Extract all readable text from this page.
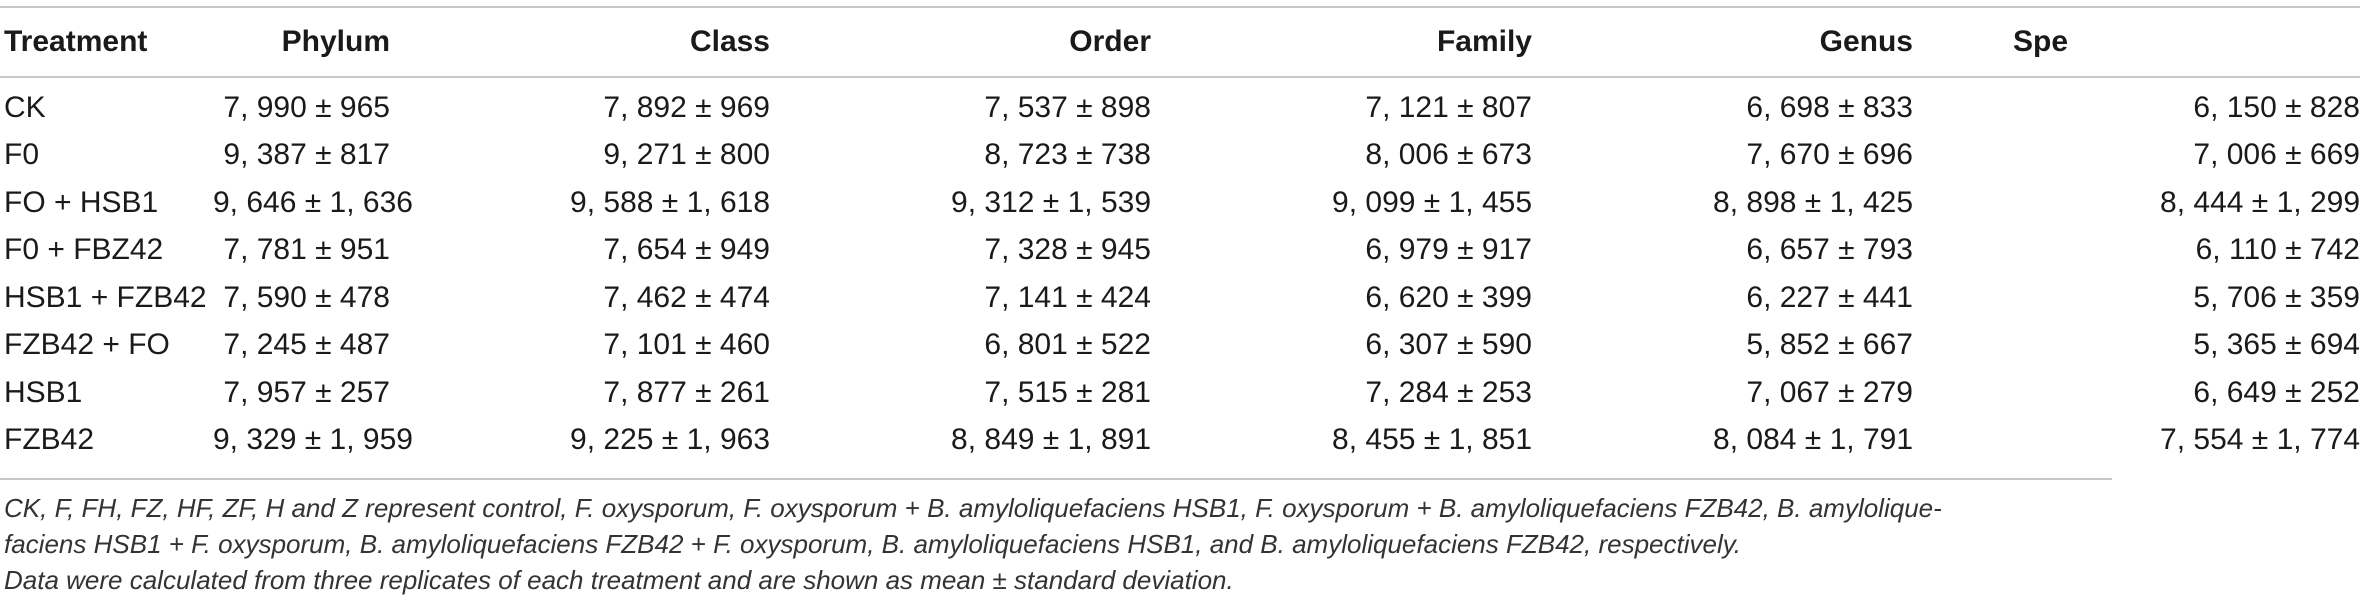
Treatment	Phylum	Class	Order	Family	Genus	Spe
CK	7, 990 ± 965	7, 892 ± 969	7, 537 ± 898	7, 121 ± 807	6, 698 ± 833	6, 150 ± 828
F0	9, 387 ± 817	9, 271 ± 800	8, 723 ± 738	8, 006 ± 673	7, 670 ± 696	7, 006 ± 669
FO + HSB1	9, 646 ± 1, 636	9, 588 ± 1, 618	9, 312 ± 1, 539	9, 099 ± 1, 455	8, 898 ± 1, 425	8, 444 ± 1, 299
F0 + FBZ42	7, 781 ± 951	7, 654 ± 949	7, 328 ± 945	6, 979 ± 917	6, 657 ± 793	6, 110 ± 742
HSB1 + FZB42	7, 590 ± 478	7, 462 ± 474	7, 141 ± 424	6, 620 ± 399	6, 227 ± 441	5, 706 ± 359
FZB42 + FO	7, 245 ± 487	7, 101 ± 460	6, 801 ± 522	6, 307 ± 590	5, 852 ± 667	5, 365 ± 694
HSB1	7, 957 ± 257	7, 877 ± 261	7, 515 ± 281	7, 284 ± 253	7, 067 ± 279	6, 649 ± 252
FZB42	9, 329 ± 1, 959	9, 225 ± 1, 963	8, 849 ± 1, 891	8, 455 ± 1, 851	8, 084 ± 1, 791	7, 554 ± 1, 774

CK, F, FH, FZ, HF, ZF, H and Z represent control, F. oxysporum, F. oxysporum + B. amyloliquefaciens HSB1, F. oxysporum + B. amyloliquefaciens FZB42, B. amylolique-

faciens HSB1 + F. oxysporum, B. amyloliquefaciens FZB42 + F. oxysporum, B. amyloliquefaciens HSB1, and B. amyloliquefaciens FZB42, respectively.

Data were calculated from three replicates of each treatment and are shown as mean ± standard deviation.
